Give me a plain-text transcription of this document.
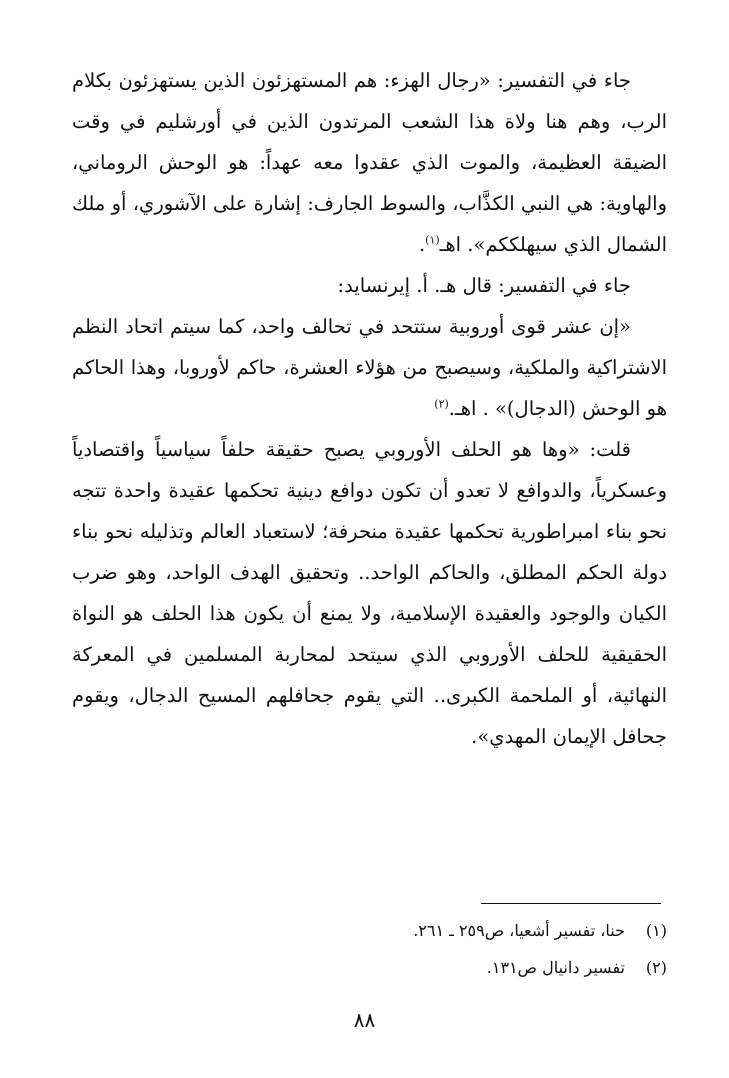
جاء في التفسير: «رجال الهزء: هم المستهزئون الذين يستهزئون بكلام الرب، وهم هنا ولاة هذا الشعب المرتدون الذين في أورشليم في وقت الضيقة العظيمة، والموت الذي عقدوا معه عهداً: هو الوحش الروماني، والهاوية: هي النبي الكذَّاب، والسوط الجارف: إشارة على الآشوري، أو ملك الشمال الذي سيهلككم». اهـ$^{(١)}$.

جاء في التفسير: قال هـ. أ. إيرنسايد:

«إن عشر قوى أوروبية ستتحد في تحالف واحد، كما سيتم اتحاد النظم الاشتراكية والملكية، وسيصبح من هؤلاء العشرة، حاكم لأوروبا، وهذا الحاكم هو الوحش (الدجال)» . اهـ.$^{(٢)}$

قلت: «وها هو الحلف الأوروبي يصبح حقيقة حلفاً سياسياً واقتصادياً وعسكرياً، والدوافع لا تعدو أن تكون دوافع دينية تحكمها عقيدة واحدة تتجه نحو بناء امبراطورية تحكمها عقيدة منحرفة؛ لاستعباد العالم وتذليله نحو بناء دولة الحكم المطلق، والحاكم الواحد.. وتحقيق الهدف الواحد، وهو ضرب الكيان والوجود والعقيدة الإسلامية، ولا يمنع أن يكون هذا الحلف هو النواة الحقيقية للحلف الأوروبي الذي سيتحد لمحاربة المسلمين في المعركة النهائية، أو الملحمة الكبرى.. التي يقوم جحافلهم المسيح الدجال، ويقوم جحافل الإيمان المهدي».

(١)
حنا، تفسير أشعيا، ص٢٥٩ ـ ٢٦١.
(٢)
تفسير دانيال ص١٣١.
٨٨
